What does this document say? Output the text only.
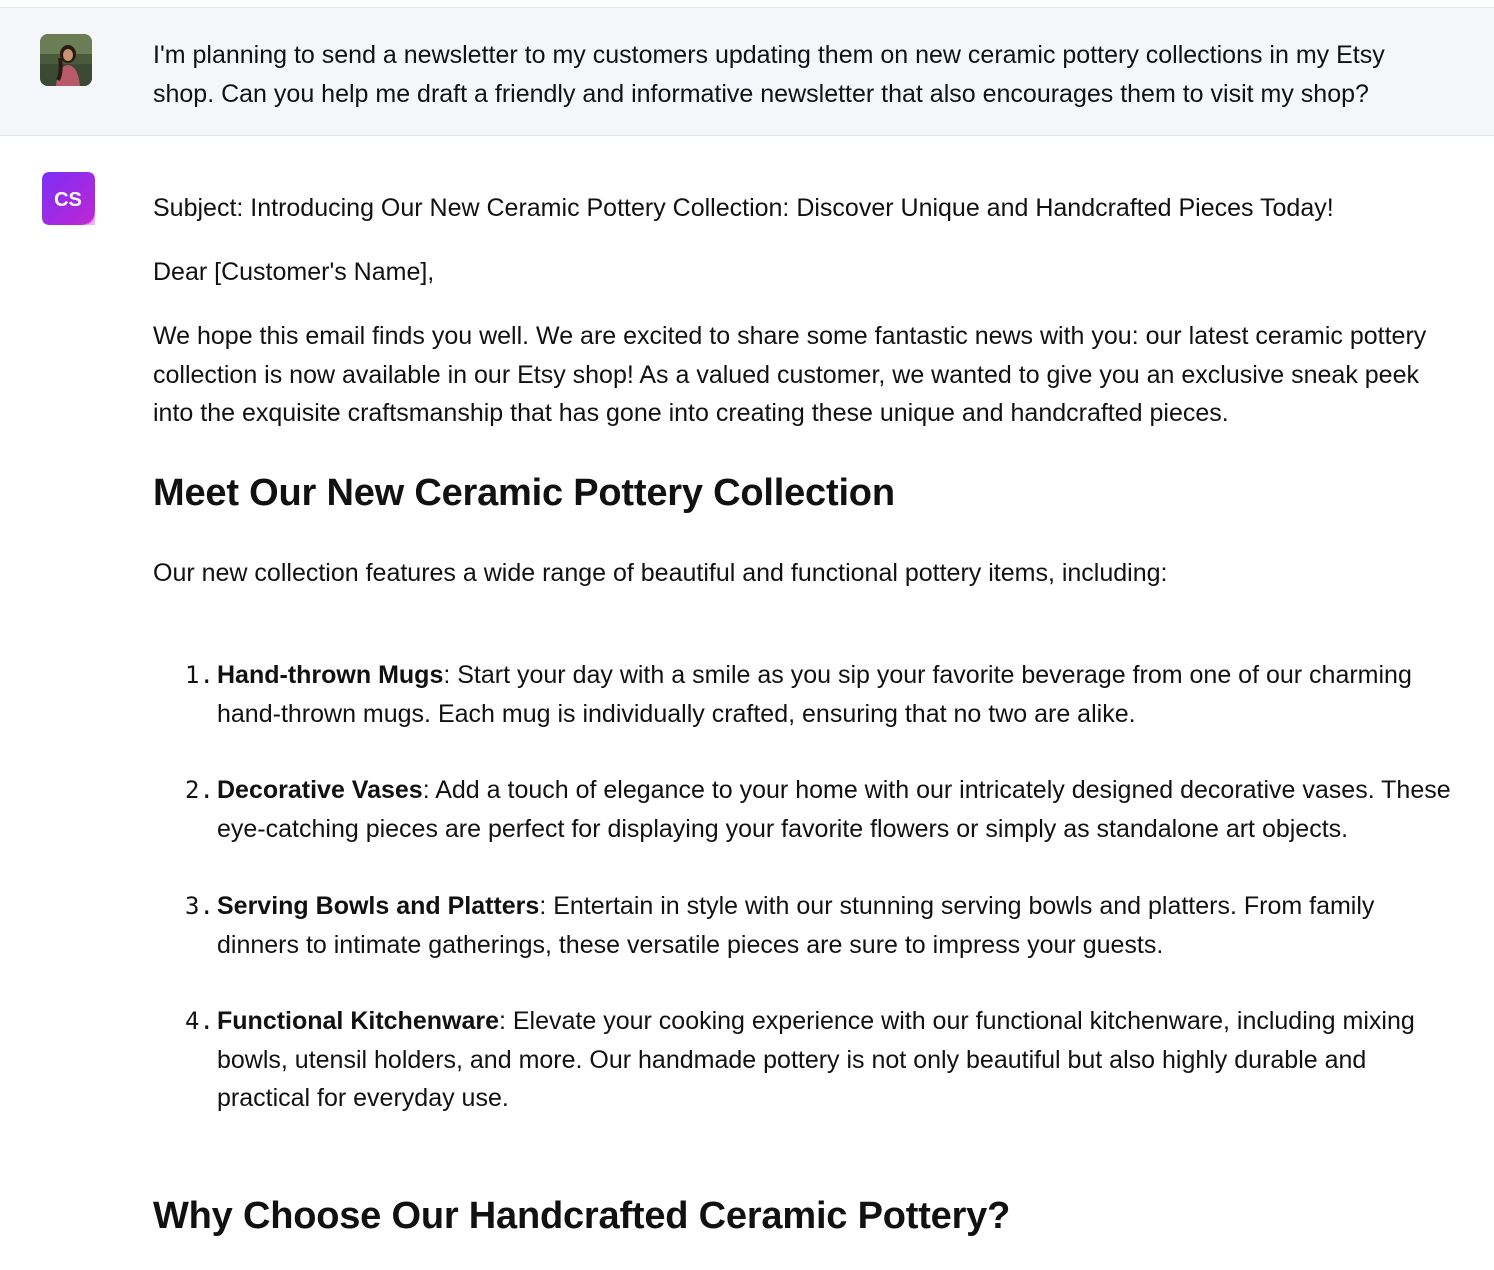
I'm planning to send a newsletter to my customers updating them on new ceramic pottery collections in my Etsy shop. Can you help me draft a friendly and informative newsletter that also encourages them to visit my shop?

CS	Subject: Introducing Our New Ceramic Pottery Collection: Discover Unique and Handcrafted Pieces Today!

Dear [Customer's Name],

We hope this email finds you well. We are excited to share some fantastic news with you: our latest ceramic pottery collection is now available in our Etsy shop! As a valued customer, we wanted to give you an exclusive sneak peek into the exquisite craftsmanship that has gone into creating these unique and handcrafted pieces.

Meet Our New Ceramic Pottery Collection

Our new collection features a wide range of beautiful and functional pottery items, including:

1. Hand-thrown Mugs: Start your day with a smile as you sip your favorite beverage from one of our charming hand-thrown mugs. Each mug is individually crafted, ensuring that no two are alike.
2. Decorative Vases: Add a touch of elegance to your home with our intricately designed decorative vases. These eye-catching pieces are perfect for displaying your favorite flowers or simply as standalone art objects.
3. Serving Bowls and Platters: Entertain in style with our stunning serving bowls and platters. From family dinners to intimate gatherings, these versatile pieces are sure to impress your guests.
4. Functional Kitchenware: Elevate your cooking experience with our functional kitchenware, including mixing bowls, utensil holders, and more. Our handmade pottery is not only beautiful but also highly durable and practical for everyday use.
Why Choose Our Handcrafted Ceramic Pottery?
